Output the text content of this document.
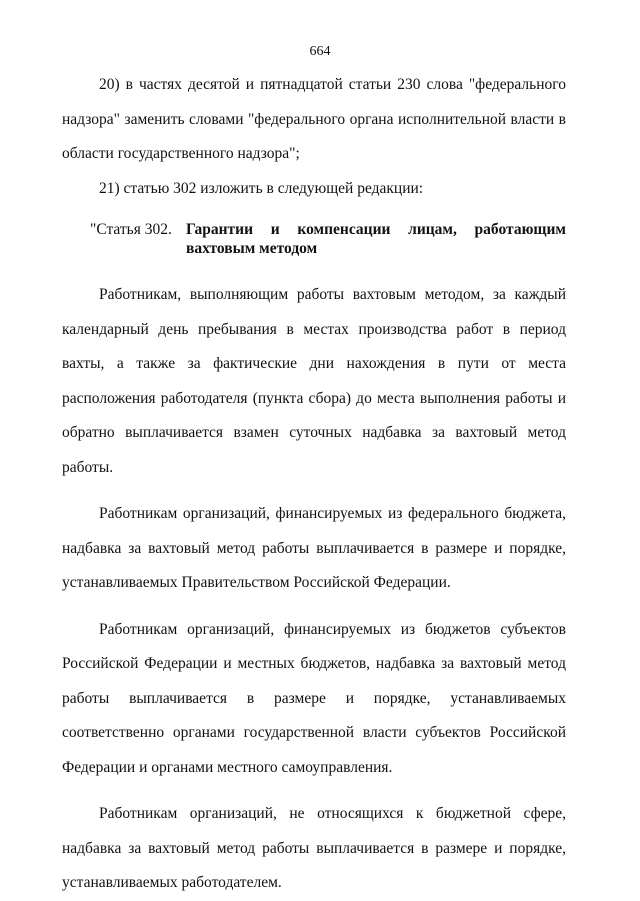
664

20) в частях десятой и пятнадцатой статьи 230 слова "федерального надзора" заменить словами "федерального органа исполнительной власти в области государственного надзора";

21) статью 302 изложить в следующей редакции:

"Статья 302. Гарантии и компенсации лицам, работающим
вахтовым методом

Работникам, выполняющим работы вахтовым методом, за каждый календарный день пребывания в местах производства работ в период вахты, а также за фактические дни нахождения в пути от места расположения работодателя (пункта сбора) до места выполнения работы и обратно выплачивается взамен суточных надбавка за вахтовый метод работы.

Работникам организаций, финансируемых из федерального бюджета, надбавка за вахтовый метод работы выплачивается в размере и порядке, устанавливаемых Правительством Российской Федерации.

Работникам организаций, финансируемых из бюджетов субъектов Российской Федерации и местных бюджетов, надбавка за вахтовый метод работы выплачивается в размере и порядке, устанавливаемых соответственно органами государственной власти субъектов Российской Федерации и органами местного самоуправления.

Работникам организаций, не относящихся к бюджетной сфере, надбавка за вахтовый метод работы выплачивается в размере и порядке, устанавливаемых работодателем.
